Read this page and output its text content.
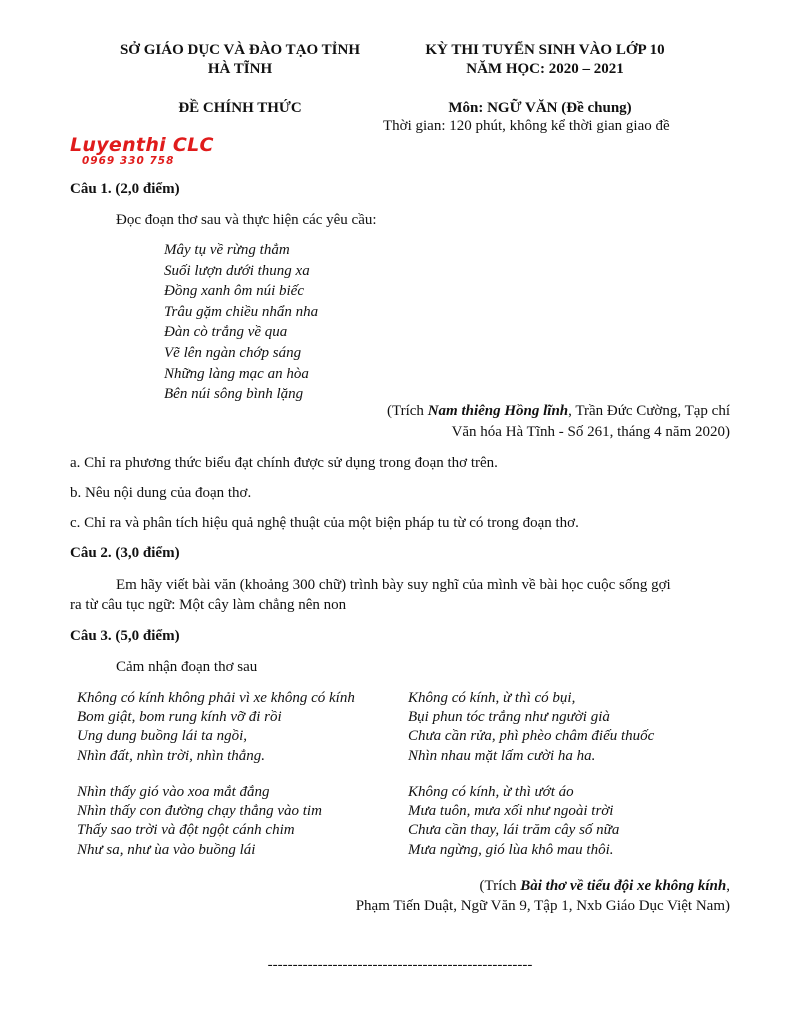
SỞ GIÁO DỤC VÀ ĐÀO TẠO TỈNH
HÀ TĨNH
KỲ THI TUYỂN SINH VÀO LỚP 10
NĂM HỌC: 2020 – 2021
ĐỀ CHÍNH THỨC	Môn: NGỮ VĂN (Đề chung)
Thời gian: 120 phút, không kể thời gian giao đề
Luyenthi CLC
0969 330 758
Câu 1. (2,0 điểm)
Đọc đoạn thơ sau và thực hiện các yêu cầu:
Mây tụ về rừng thẳm
Suối lượn dưới thung xa
Đồng xanh ôm núi biếc
Trâu gặm chiều nhẩn nha
Đàn cò trắng về qua
Vẽ lên ngàn chớp sáng
Những làng mạc an hòa
Bên núi sông bình lặng
(Trích Nam thiêng Hồng lĩnh, Trần Đức Cường, Tạp chí
Văn hóa Hà Tĩnh - Số 261, tháng 4 năm 2020)
a. Chỉ ra phương thức biểu đạt chính được sử dụng trong đoạn thơ trên.
b. Nêu nội dung của đoạn thơ.
c. Chỉ ra và phân tích hiệu quả nghệ thuật của một biện pháp tu từ có trong đoạn thơ.
Câu 2. (3,0 điểm)
Em hãy viết bài văn (khoảng 300 chữ) trình bày suy nghĩ của mình về bài học cuộc sống gợi
ra từ câu tục ngữ: Một cây làm chẳng nên non
Câu 3. (5,0 điểm)
Cảm nhận đoạn thơ sau
Không có kính không phải vì xe không có kính
Bom giật, bom rung kính vỡ đi rồi
Ung dung buồng lái ta ngồi,
Nhìn đất, nhìn trời, nhìn thẳng.
Không có kính, ừ thì có bụi,
Bụi phun tóc trắng như người già
Chưa cần rửa, phì phèo châm điếu thuốc
Nhìn nhau mặt lấm cười ha ha.
Nhìn thấy gió vào xoa mắt đắng
Nhìn thấy con đường chạy thẳng vào tim
Thấy sao trời và đột ngột cánh chim
Như sa, như ùa vào buồng lái
Không có kính, ừ thì ướt áo
Mưa tuôn, mưa xối như ngoài trời
Chưa cần thay, lái trăm cây số nữa
Mưa ngừng, gió lùa khô mau thôi.
(Trích Bài thơ về tiểu đội xe không kính,
Phạm Tiến Duật, Ngữ Văn 9, Tập 1, Nxb Giáo Dục Việt Nam)
-----------------------------------------------------
